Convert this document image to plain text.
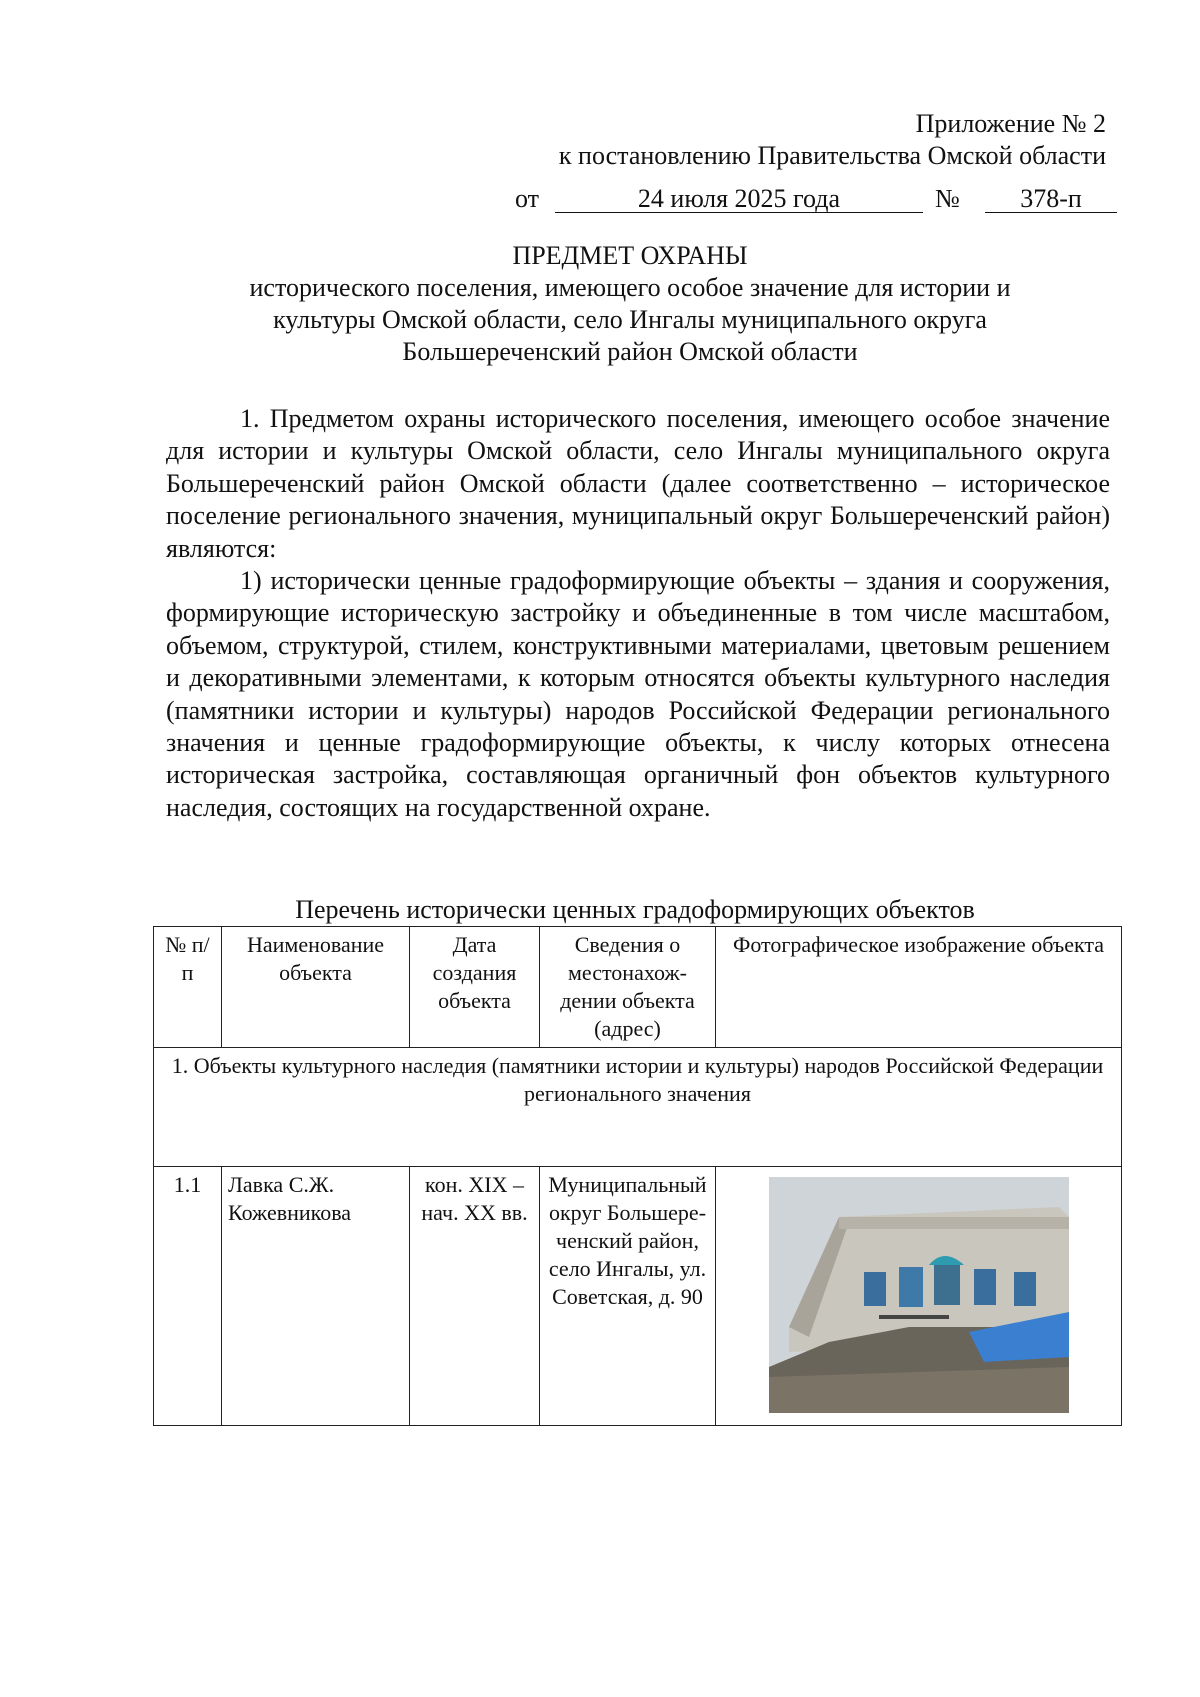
Приложение № 2
к постановлению Правительства Омской области
от	24 июля 2025 года	№	378-п
ПРЕДМЕТ ОХРАНЫ
исторического поселения, имеющего особое значение для истории и
культуры Омской области, село Ингалы муниципального округа
Большереченский район Омской области

1. Предметом охраны исторического поселения, имеющего особое значение для истории и культуры Омской области, село Ингалы муниципального округа Большереченский район Омской области (далее соответственно – историческое поселение регионального значения, муниципальный округ Большереченский район) являются:

1) исторически ценные градоформирующие объекты – здания и сооружения, формирующие историческую застройку и объединенные в том числе масштабом, объемом, структурой, стилем, конструктивными материалами, цветовым решением и декоративными элементами, к которым относятся объекты культурного наследия (памятники истории и культуры) народов Российской Федерации регионального значения и ценные градоформирующие объекты, к числу которых отнесена историческая застройка, составляющая органичный фон объектов культурного наследия, состоящих на государственной охране.

Перечень исторически ценных градоформирующих объектов
№ п/п	Наименование объекта	Дата создания объекта	Сведения о местонахож-дении объекта (адрес)	Фотографическое изображение объекта
1. Объекты культурного наследия (памятники истории и культуры) народов Российской Федерации регионального значения				
1.1	Лавка С.Ж. Кожевникова	кон. XIX – нач. XX вв.	Муниципальный округ Большере-ченский район, село Ингалы, ул. Советская, д. 90	
